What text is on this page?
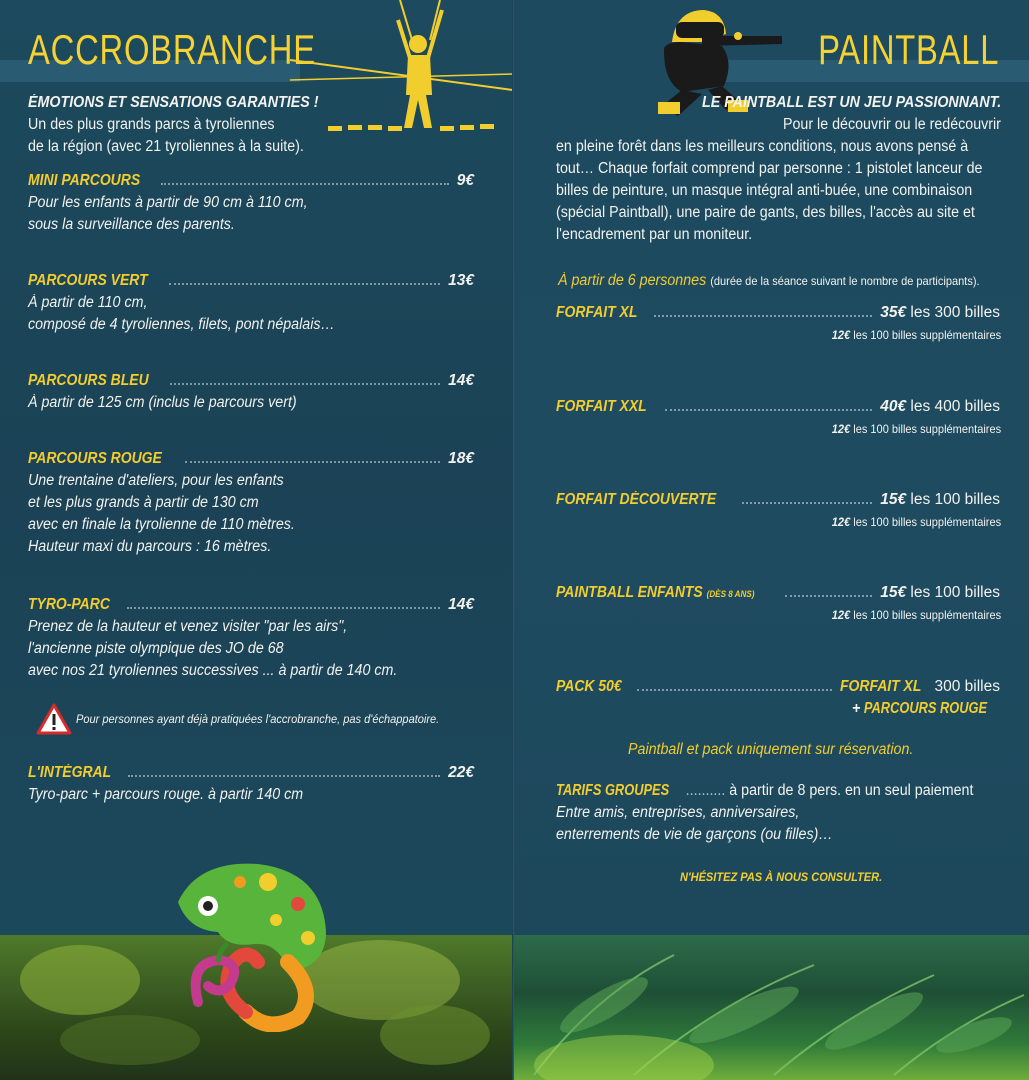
ACCROBRANCHE
ÉMOTIONS ET SENSATIONS GARANTIES !
Un des plus grands parcs à tyroliennes
de la région (avec 21 tyroliennes à la suite).
MINI PARCOURS	9€
Pour les enfants à partir de 90 cm à 110 cm,
sous la surveillance des parents.
PARCOURS VERT	13€
À partir de 110 cm,
composé de 4 tyroliennes, filets, pont népalais…
PARCOURS BLEU	14€
À partir de 125 cm (inclus le parcours vert)
PARCOURS ROUGE	18€
Une trentaine d'ateliers, pour les enfants
et les plus grands à partir de 130 cm
avec en finale la tyrolienne de 110 mètres.
Hauteur maxi du parcours : 16 mètres.
TYRO-PARC	14€
Prenez de la hauteur et venez visiter "par les airs",
l'ancienne piste olympique des JO de 68
avec nos 21 tyroliennes successives ... à partir de 140 cm.
Pour personnes ayant déjà pratiquées l'accrobranche, pas d'échappatoire.
L'INTÉGRAL	22€
Tyro-parc + parcours rouge. à partir 140 cm
PAINTBALL
LE PAINTBALL EST UN JEU PASSIONNANT.
Pour le découvrir ou le redécouvrir
en pleine forêt dans les meilleurs conditions, nous avons pensé à
tout… Chaque forfait comprend par personne : 1 pistolet lanceur de
billes de peinture, un masque intégral anti-buée, une combinaison
(spécial Paintball), une paire de gants, des billes, l'accès au site et
l'encadrement par un moniteur.
À partir de 6 personnes (durée de la séance suivant le nombre de participants).
FORFAIT XL	35€
les 300 billes
12€ les 100 billes supplémentaires
FORFAIT XXL	40€
les 400 billes
12€ les 100 billes supplémentaires
FORFAIT DÉCOUVERTE	15€
les 100 billes
12€ les 100 billes supplémentaires
PAINTBALL ENFANTS (DÈS 8 ANS)	15€
les 100 billes
12€ les 100 billes supplémentaires
PACK 50€	FORFAIT XL
300 billes
+ PARCOURS ROUGE
Paintball et pack uniquement sur réservation.
TARIFS GROUPES .......... à partir de 8 pers. en un seul paiement
Entre amis, entreprises, anniversaires,
enterrements de vie de garçons (ou filles)…
N'HÉSITEZ PAS À NOUS CONSULTER.
